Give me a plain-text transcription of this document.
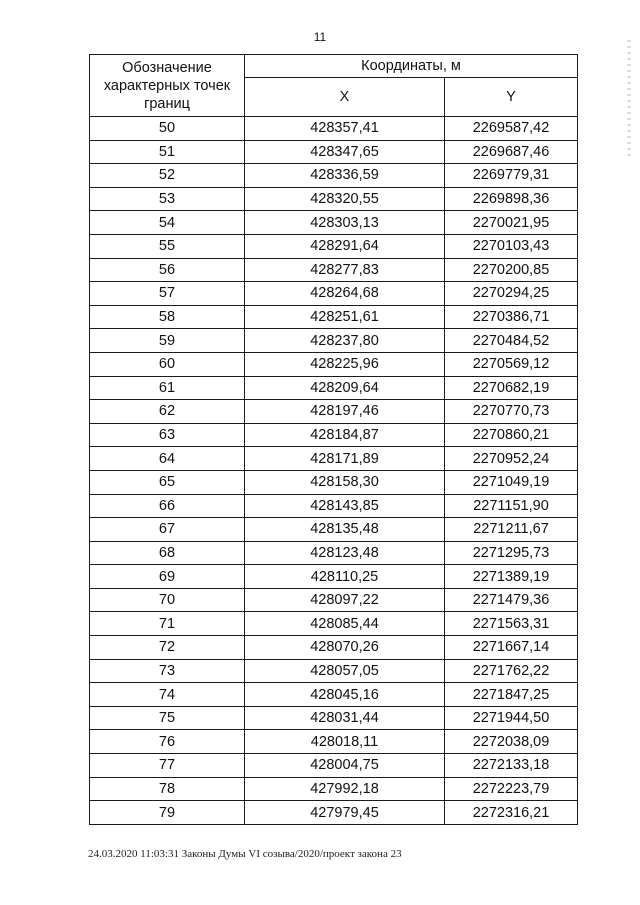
11
Обозначение характерных точек границ	Координаты, м	
	X	Y
50	428357,41	2269587,42
51	428347,65	2269687,46
52	428336,59	2269779,31
53	428320,55	2269898,36
54	428303,13	2270021,95
55	428291,64	2270103,43
56	428277,83	2270200,85
57	428264,68	2270294,25
58	428251,61	2270386,71
59	428237,80	2270484,52
60	428225,96	2270569,12
61	428209,64	2270682,19
62	428197,46	2270770,73
63	428184,87	2270860,21
64	428171,89	2270952,24
65	428158,30	2271049,19
66	428143,85	2271151,90
67	428135,48	2271211,67
68	428123,48	2271295,73
69	428110,25	2271389,19
70	428097,22	2271479,36
71	428085,44	2271563,31
72	428070,26	2271667,14
73	428057,05	2271762,22
74	428045,16	2271847,25
75	428031,44	2271944,50
76	428018,11	2272038,09
77	428004,75	2272133,18
78	427992,18	2272223,79
79	427979,45	2272316,21
24.03.2020 11:03:31 Законы Думы VI созыва/2020/проект закона 23
